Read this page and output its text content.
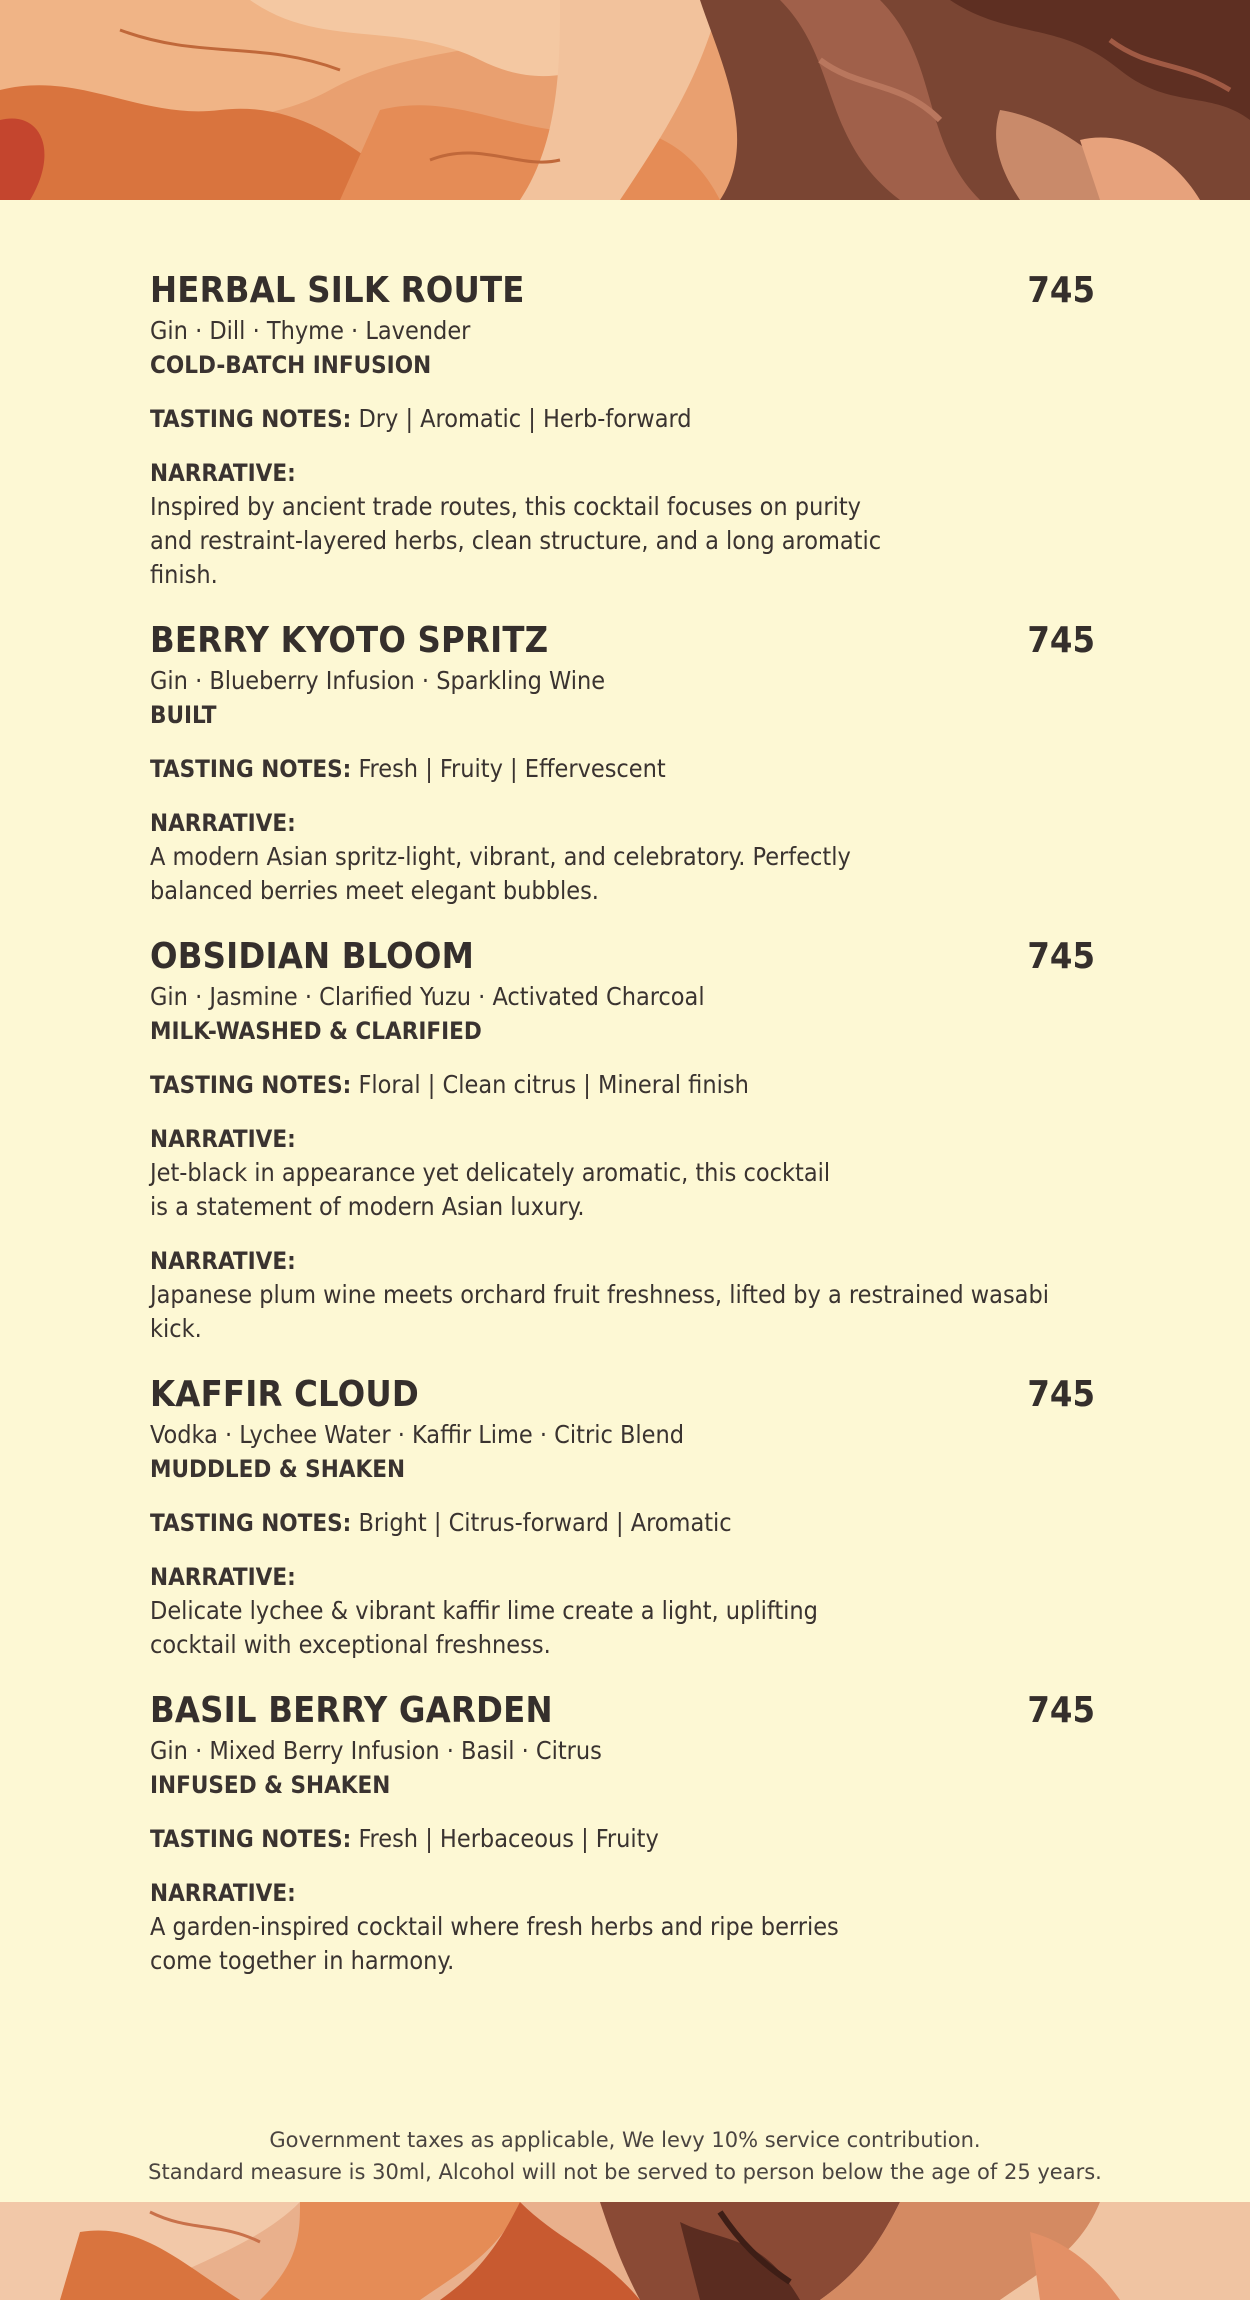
HERBAL SILK ROUTE	745
Gin · Dill · Thyme · Lavender
COLD-BATCH INFUSION
TASTING NOTES: Dry | Aromatic | Herb-forward
NARRATIVE:
Inspired by ancient trade routes, this cocktail focuses on purity and restraint-layered herbs, clean structure, and a long aromatic finish.
BERRY KYOTO SPRITZ	745
Gin · Blueberry Infusion · Sparkling Wine
BUILT
TASTING NOTES: Fresh | Fruity | Effervescent
NARRATIVE:
A modern Asian spritz-light, vibrant, and celebratory. Perfectly balanced berries meet elegant bubbles.
OBSIDIAN BLOOM	745
Gin · Jasmine · Clarified Yuzu · Activated Charcoal
MILK-WASHED & CLARIFIED
TASTING NOTES: Floral | Clean citrus | Mineral finish
NARRATIVE:
Jet-black in appearance yet delicately aromatic, this cocktail is a statement of modern Asian luxury.
NARRATIVE:
Japanese plum wine meets orchard fruit freshness, lifted by a restrained wasabi kick.
KAFFIR CLOUD	745
Vodka · Lychee Water · Kaffir Lime · Citric Blend
MUDDLED & SHAKEN
TASTING NOTES: Bright | Citrus-forward | Aromatic
NARRATIVE:
Delicate lychee & vibrant kaffir lime create a light, uplifting cocktail with exceptional freshness.
BASIL BERRY GARDEN	745
Gin · Mixed Berry Infusion · Basil · Citrus
INFUSED & SHAKEN
TASTING NOTES: Fresh | Herbaceous | Fruity
NARRATIVE:
A garden-inspired cocktail where fresh herbs and ripe berries come together in harmony.
Government taxes as applicable, We levy 10% service contribution.
Standard measure is 30ml, Alcohol will not be served to person below the age of 25 years.
